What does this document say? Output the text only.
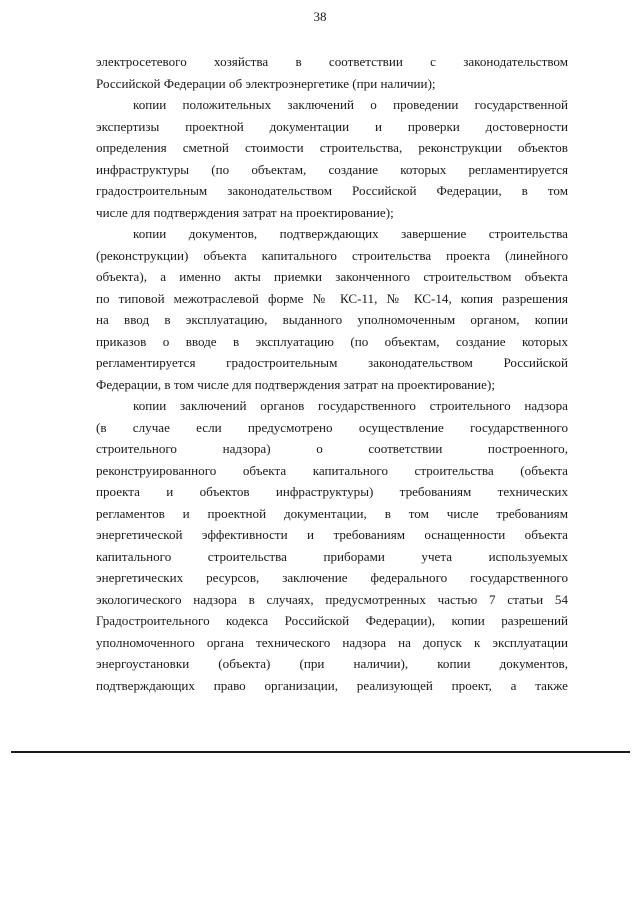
38
электросетевого хозяйства в соответствии с законодательством
Российской Федерации об электроэнергетике (при наличии);
копии положительных заключений о проведении государственной
экспертизы проектной документации и проверки достоверности
определения сметной стоимости строительства, реконструкции объектов
инфраструктуры (по объектам, создание которых регламентируется
градостроительным законодательством Российской Федерации, в том
числе для подтверждения затрат на проектирование);
копии документов, подтверждающих завершение строительства
(реконструкции) объекта капитального строительства проекта (линейного
объекта), а именно акты приемки законченного строительством объекта
по типовой межотраслевой форме № КС-11, № КС-14, копия разрешения
на ввод в эксплуатацию, выданного уполномоченным органом, копии
приказов о вводе в эксплуатацию (по объектам, создание которых
регламентируется градостроительным законодательством Российской
Федерации, в том числе для подтверждения затрат на проектирование);
копии заключений органов государственного строительного надзора
(в случае если предусмотрено осуществление государственного
строительного надзора) о соответствии построенного,
реконструированного объекта капитального строительства (объекта
проекта и объектов инфраструктуры) требованиям технических
регламентов и проектной документации, в том числе требованиям
энергетической эффективности и требованиям оснащенности объекта
капитального строительства приборами учета используемых
энергетических ресурсов, заключение федерального государственного
экологического надзора в случаях, предусмотренных частью 7 статьи 54
Градостроительного кодекса Российской Федерации), копии разрешений
уполномоченного органа технического надзора на допуск к эксплуатации
энергоустановки (объекта) (при наличии), копии документов,
подтверждающих право организации, реализующей проект, а также
